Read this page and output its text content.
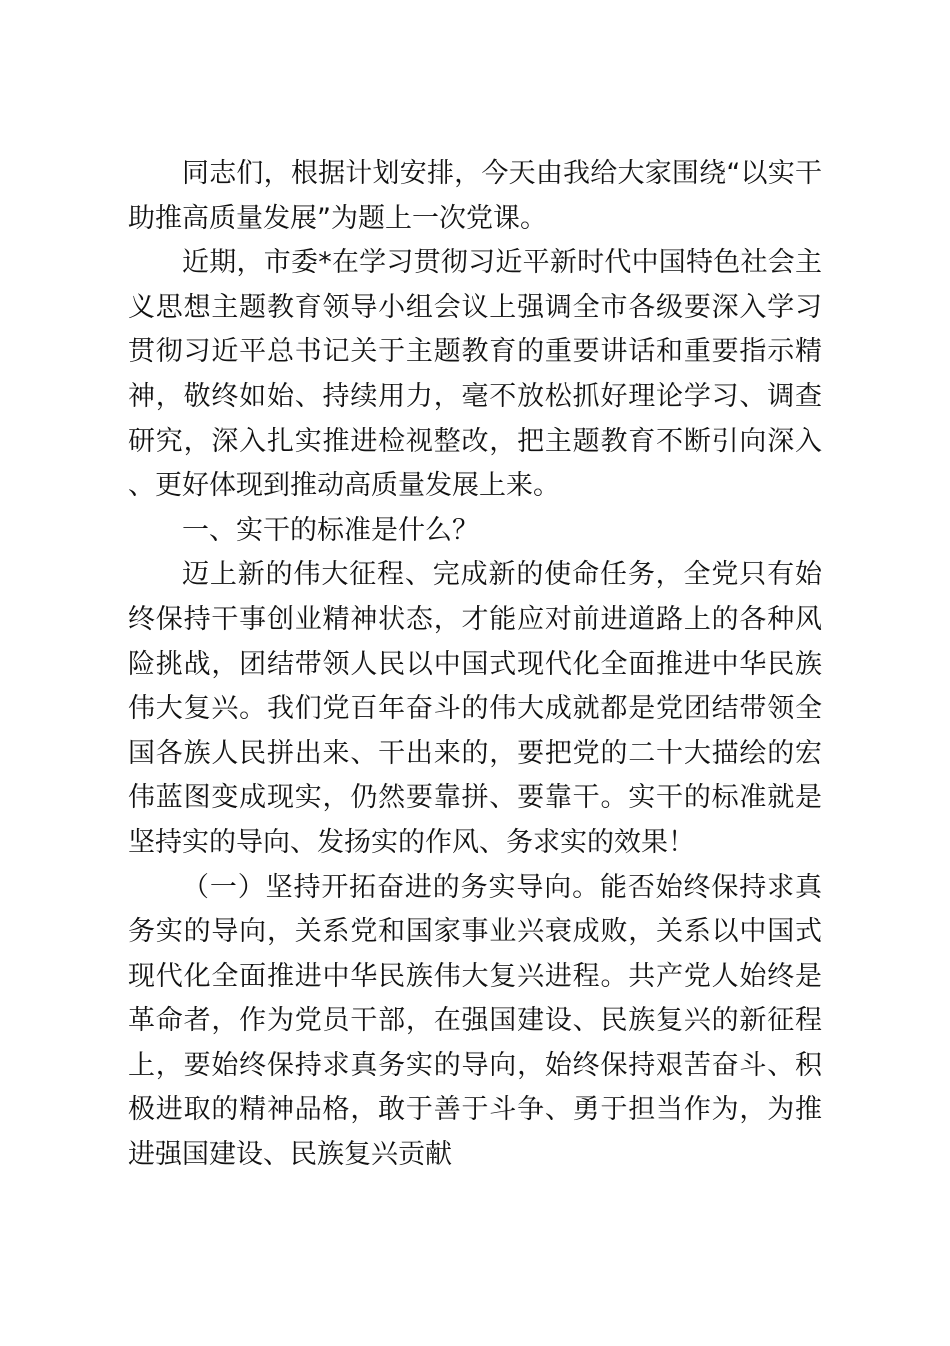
同志们，根据计划安排，今天由我给大家围绕“以实干助推高质量发展”为题上一次党课。

近期，市委*在学习贯彻习近平新时代中国特色社会主义思想主题教育领导小组会议上强调全市各级要深入学习贯彻习近平总书记关于主题教育的重要讲话和重要指示精神，敬终如始、持续用力，毫不放松抓好理论学习、调查研究，深入扎实推进检视整改，把主题教育不断引向深入、更好体现到推动高质量发展上来。

一、实干的标准是什么？

迈上新的伟大征程、完成新的使命任务，全党只有始终保持干事创业精神状态，才能应对前进道路上的各种风险挑战，团结带领人民以中国式现代化全面推进中华民族伟大复兴。我们党百年奋斗的伟大成就都是党团结带领全国各族人民拼出来、干出来的，要把党的二十大描绘的宏伟蓝图变成现实，仍然要靠拼、要靠干。实干的标准就是坚持实的导向、发扬实的作风、务求实的效果！

（一）坚持开拓奋进的务实导向。能否始终保持求真务实的导向，关系党和国家事业兴衰成败，关系以中国式现代化全面推进中华民族伟大复兴进程。共产党人始终是革命者，作为党员干部，在强国建设、民族复兴的新征程上，要始终保持求真务实的导向，始终保持艰苦奋斗、积极进取的精神品格，敢于善于斗争、勇于担当作为，为推进强国建设、民族复兴贡献
